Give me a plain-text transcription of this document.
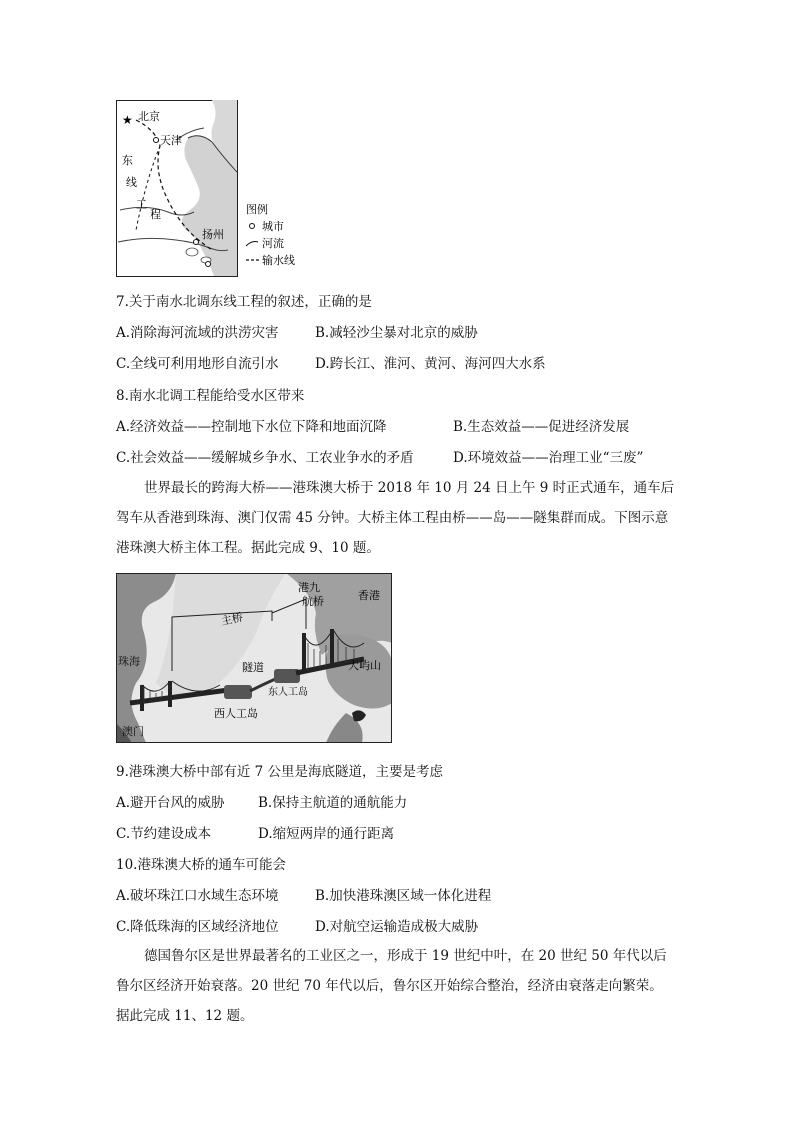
★ 北京
天津
东
线
工
程
扬州
图例
城市
河流
输水线
7.关于南水北调东线工程的叙述，正确的是
A.消除海河流域的洪涝灾害	B.减轻沙尘暴对北京的威胁
C.全线可利用地形自流引水	D.跨长江、淮河、黄河、海河四大水系
8.南水北调工程能给受水区带来
A.经济效益——控制地下水位下降和地面沉降	B.生态效益——促进经济发展
C.社会效益——缓解城乡争水、工农业争水的矛盾	D.环境效益——治理工业“三废”
世界最长的跨海大桥——港珠澳大桥于 2018 年 10 月 24 日上午 9 时正式通车，通车后驾车从香港到珠海、澳门仅需 45 分钟。大桥主体工程由桥——岛——隧集群而成。下图示意港珠澳大桥主体工程。据此完成 9、10 题。
主桥
港九
航桥	香港
珠海	隧道
东人工岛
西人工岛
大屿山
澳门
9.港珠澳大桥中部有近 7 公里是海底隧道，主要是考虑
A.避开台风的威胁 B.保持主航道的通航能力
C.节约建设成本	D.缩短两岸的通行距离
10.港珠澳大桥的通车可能会
A.破坏珠江口水域生态环境	B.加快港珠澳区域一体化进程
C.降低珠海的区域经济地位	D.对航空运输造成极大威胁
德国鲁尔区是世界最著名的工业区之一，形成于 19 世纪中叶，在 20 世纪 50 年代以后鲁尔区经济开始衰落。20 世纪 70 年代以后，鲁尔区开始综合整治，经济由衰落走向繁荣。据此完成 11、12 题。
